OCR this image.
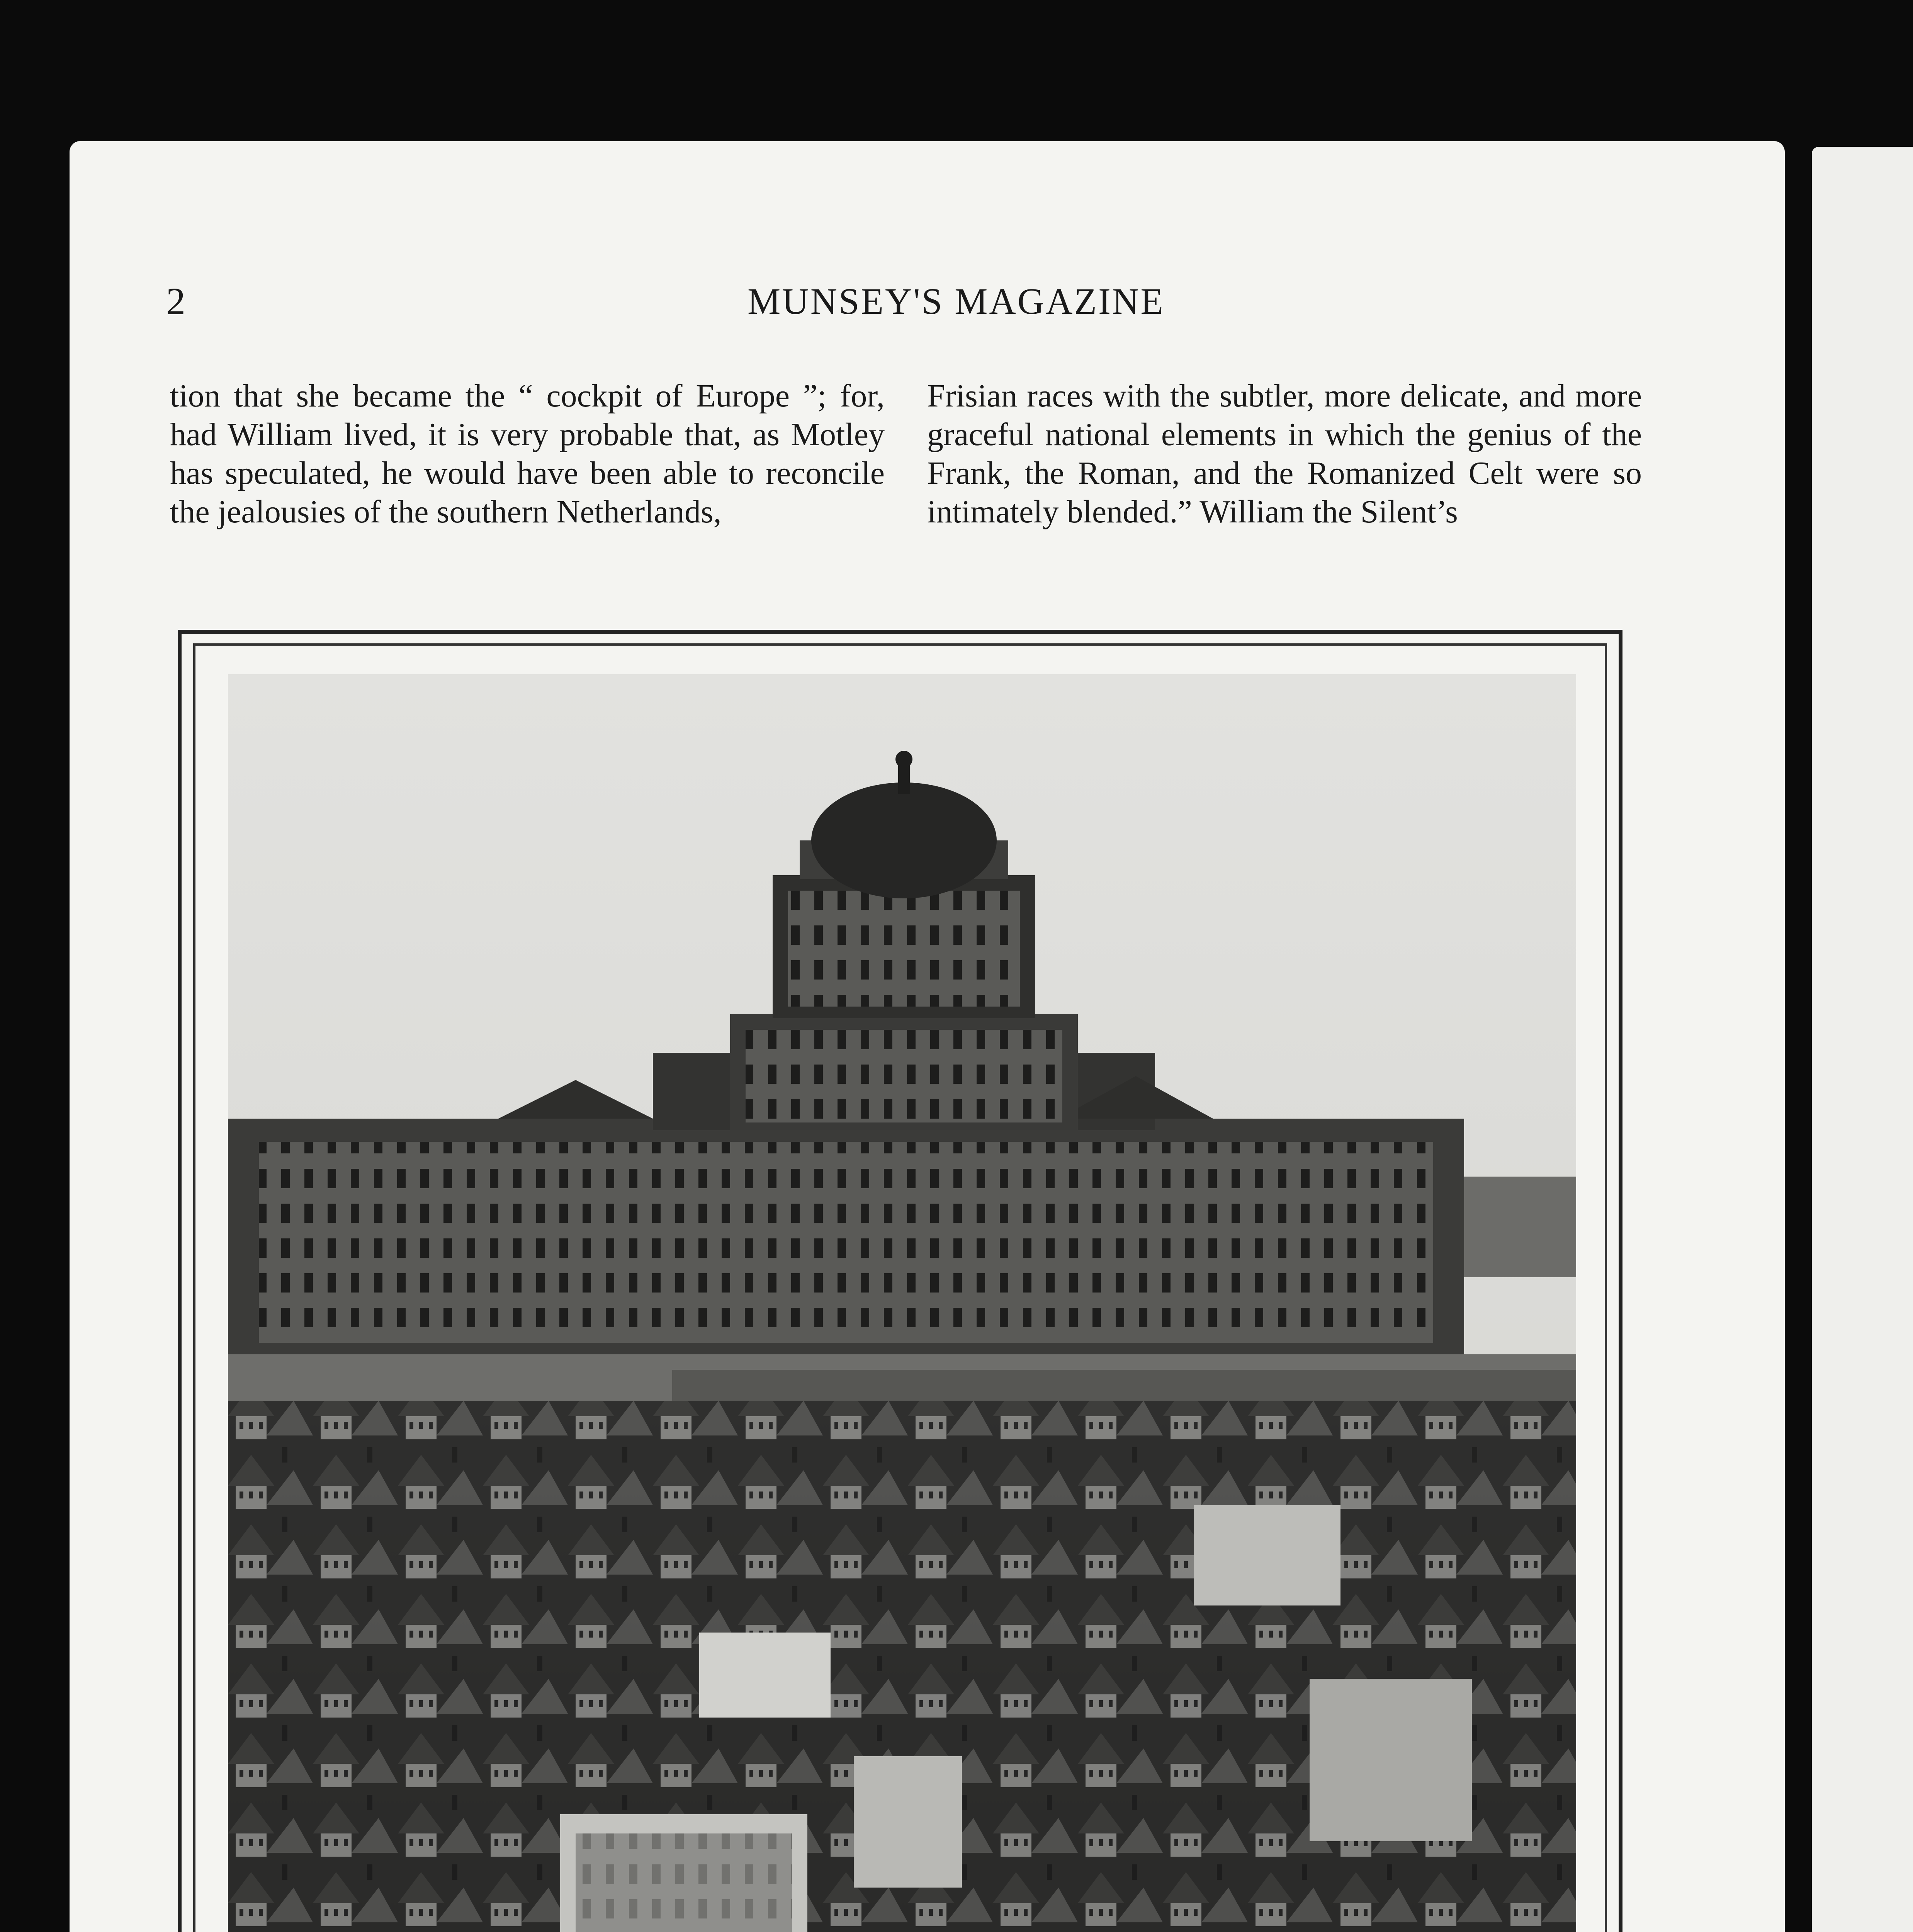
2	MUNSEY'S MAGAZINE

tion that she became the “ cockpit of Europe ”; for, had William lived, it is very probable that, as Motley has speculated, he would have been able to reconcile the jealousies of the southern Netherlands,

Frisian races with the subtler, more delicate, and more graceful national elements in which the genius of the Frank, the Roman, and the Romanized Celt were so intimately blended.” William the Silent’s
